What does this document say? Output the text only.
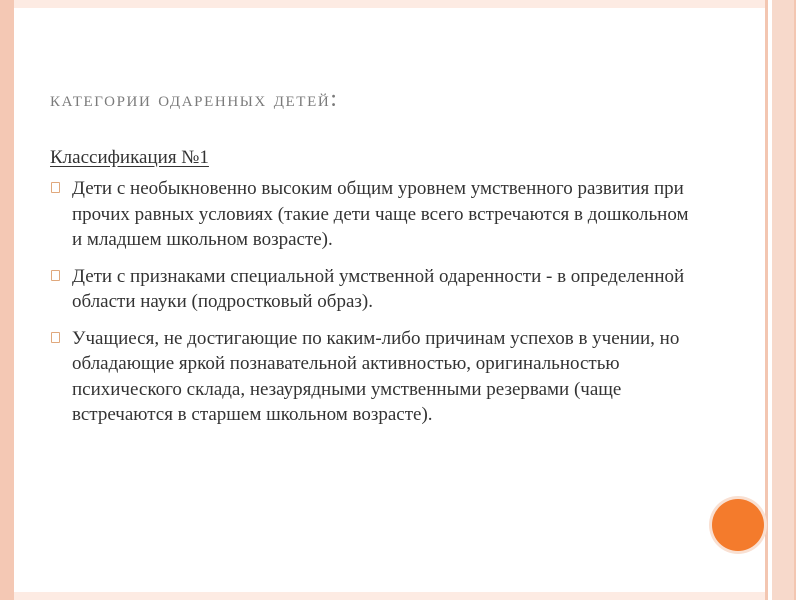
категории одаренных детей:
Классификация №1
Дети с необыкновенно высоким общим уровнем умственного развития при прочих равных условиях (такие дети чаще всего встречаются в дошкольном и младшем школьном возрасте).
Дети с признаками специальной умственной одаренности - в определенной области науки (подростковый образ).
Учащиеся, не достигающие по каким-либо причинам успехов в учении, но обладающие яркой познавательной активностью, оригинальностью психического склада, незаурядными умственными резервами (чаще встречаются в старшем школьном возрасте).
